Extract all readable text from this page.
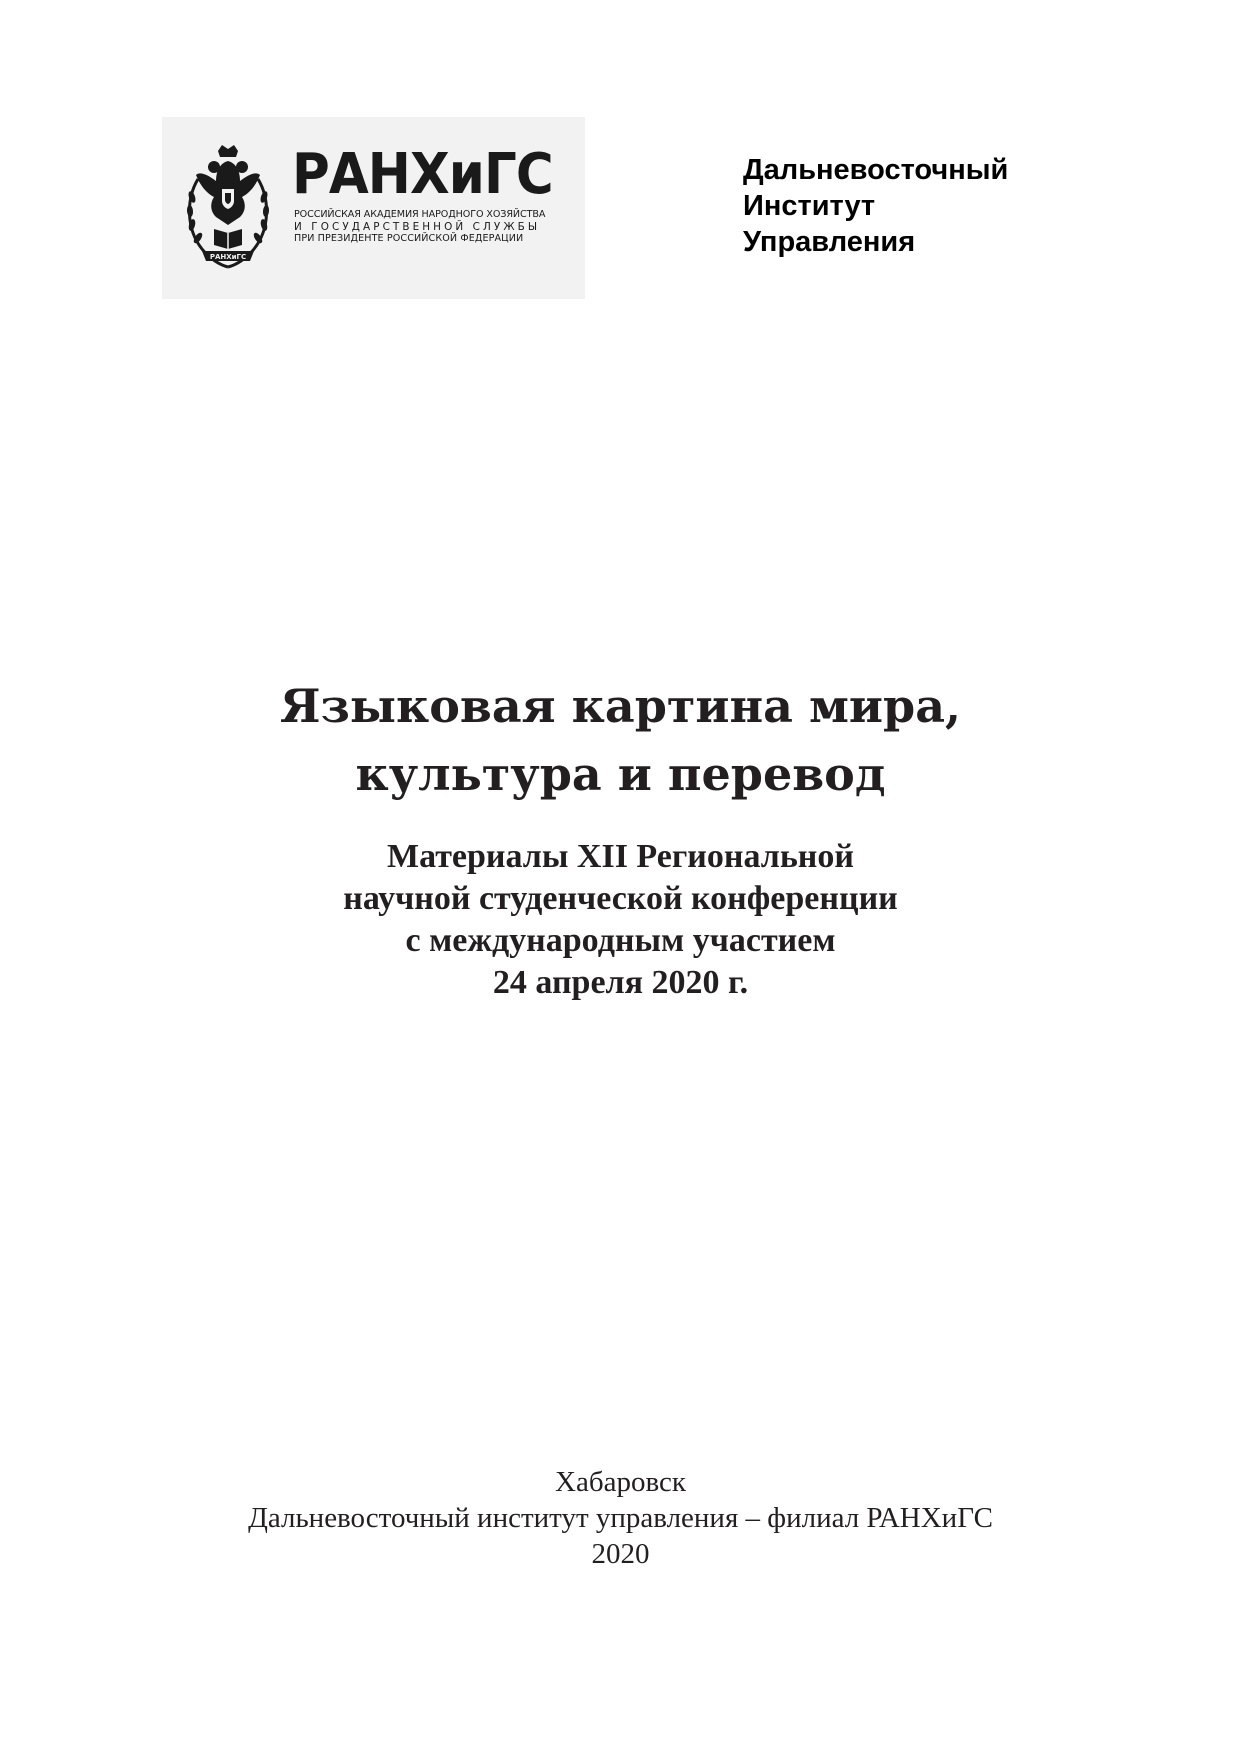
РАНХиГС
РАНХиГС
РОССИЙСКАЯ АКАДЕМИЯ НАРОДНОГО ХОЗЯЙСТВА
И ГОСУДАРСТВЕННОЙ СЛУЖБЫ
ПРИ ПРЕЗИДЕНТЕ РОССИЙСКОЙ ФЕДЕРАЦИИ
Дальневосточный
Институт
Управления
Языковая картина мира,
культура и перевод
Материалы XII Региональной
научной студенческой конференции
с международным участием
24 апреля 2020 г.
Хабаровск
Дальневосточный институт управления – филиал РАНХиГС
2020
